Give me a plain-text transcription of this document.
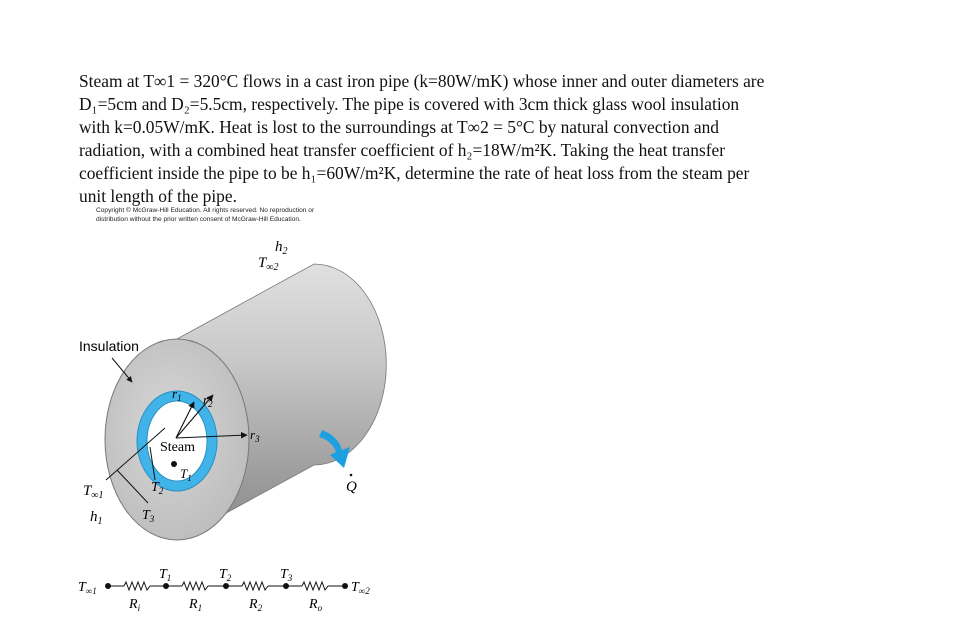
Steam at T∞1 = 320°C flows in a cast iron pipe (k=80W/mK) whose inner and outer diameters are

D₁=5cm and D₂=5.5cm, respectively. The pipe is covered with 3cm thick glass wool insulation

with k=0.05W/mK. Heat is lost to the surroundings at T∞2 = 5°C by natural convection and

radiation, with a combined heat transfer coefficient of h₂=18W/m²K. Taking the heat transfer

coefficient inside the pipe to be h₁=60W/m²K, determine the rate of heat loss from the steam per

unit length of the pipe.

Copyright © McGraw-Hill Education. All rights reserved. No reproduction or
distribution without the prior written consent of McGraw-Hill Education.
Insulation
Steam
$h_2$
$T_{\infty 2}$
$T_{\infty 1}$
$h_1$
$r_1$ $r_2$
$r_3$
$T_1$
$T_2$
$T_3$
Q
$T_{\infty 1}$	$T_{\infty 2}$
$T_1$	$T_2$	$T_3$
$R_i$	$R_1$	$R_2$	$R_o$
